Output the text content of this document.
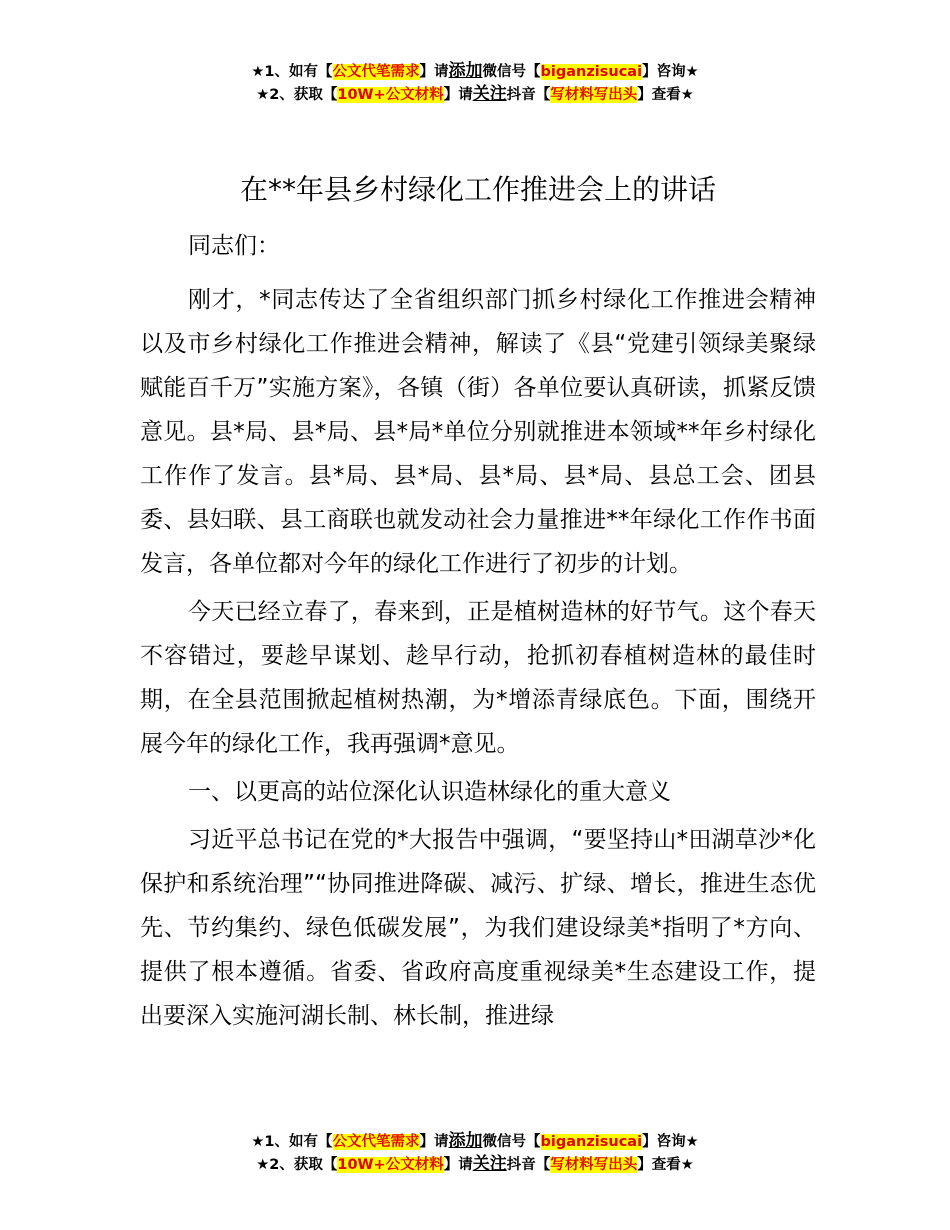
★1、如有【公文代笔需求】请添加微信号【biganzisucai】咨询★
★2、获取【10W+公文材料】请关注抖音【写材料写出头】查看★
在**年县乡村绿化工作推进会上的讲话

同志们：

刚才，*同志传达了全省组织部门抓乡村绿化工作推进会精神以及市乡村绿化工作推进会精神，解读了《县“党建引领绿美聚绿赋能百千万”实施方案》，各镇（街）各单位要认真研读，抓紧反馈意见。县*局、县*局、县*局*单位分别就推进本领域**年乡村绿化工作作了发言。县*局、县*局、县*局、县*局、县总工会、团县委、县妇联、县工商联也就发动社会力量推进**年绿化工作作书面发言，各单位都对今年的绿化工作进行了初步的计划。

今天已经立春了，春来到，正是植树造林的好节气。这个春天不容错过，要趁早谋划、趁早行动，抢抓初春植树造林的最佳时期，在全县范围掀起植树热潮，为*增添青绿底色。下面，围绕开展今年的绿化工作，我再强调*意见。

一、以更高的站位深化认识造林绿化的重大意义

习近平总书记在党的*大报告中强调，“要坚持山*田湖草沙*化保护和系统治理”“协同推进降碳、减污、扩绿、增长，推进生态优先、节约集约、绿色低碳发展”，为我们建设绿美*指明了*方向、提供了根本遵循。省委、省政府高度重视绿美*生态建设工作，提出要深入实施河湖长制、林长制，推进绿

★1、如有【公文代笔需求】请添加微信号【biganzisucai】咨询★
★2、获取【10W+公文材料】请关注抖音【写材料写出头】查看★
